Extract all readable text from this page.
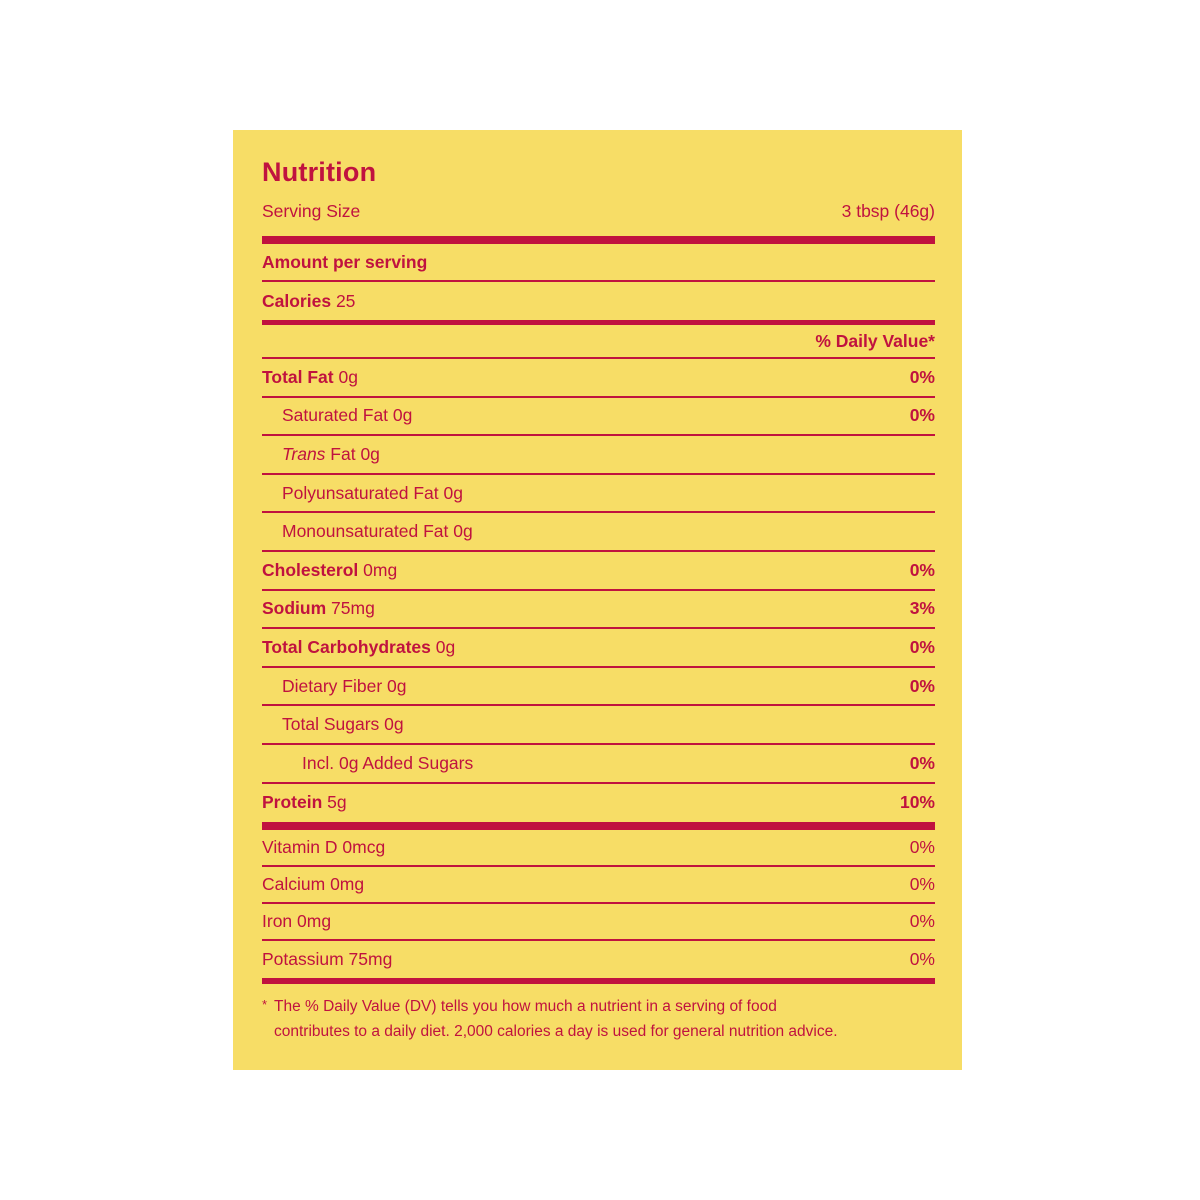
Nutrition
Serving Size	3 tbsp (46g)
Amount per serving
Calories 25
% Daily Value*
Total Fat 0g	0%
Saturated Fat 0g	0%
Trans Fat 0g
Polyunsaturated Fat 0g
Monounsaturated Fat 0g
Cholesterol 0mg	0%
Sodium 75mg	3%
Total Carbohydrates 0g	0%
Dietary Fiber 0g	0%
Total Sugars 0g
Incl. 0g Added Sugars	0%
Protein 5g	10%
Vitamin D 0mcg	0%
Calcium 0mg	0%
Iron 0mg	0%
Potassium 75mg	0%
* The % Daily Value (DV) tells you how much a nutrient in a serving of food
contributes to a daily diet. 2,000 calories a day is used for general nutrition advice.
